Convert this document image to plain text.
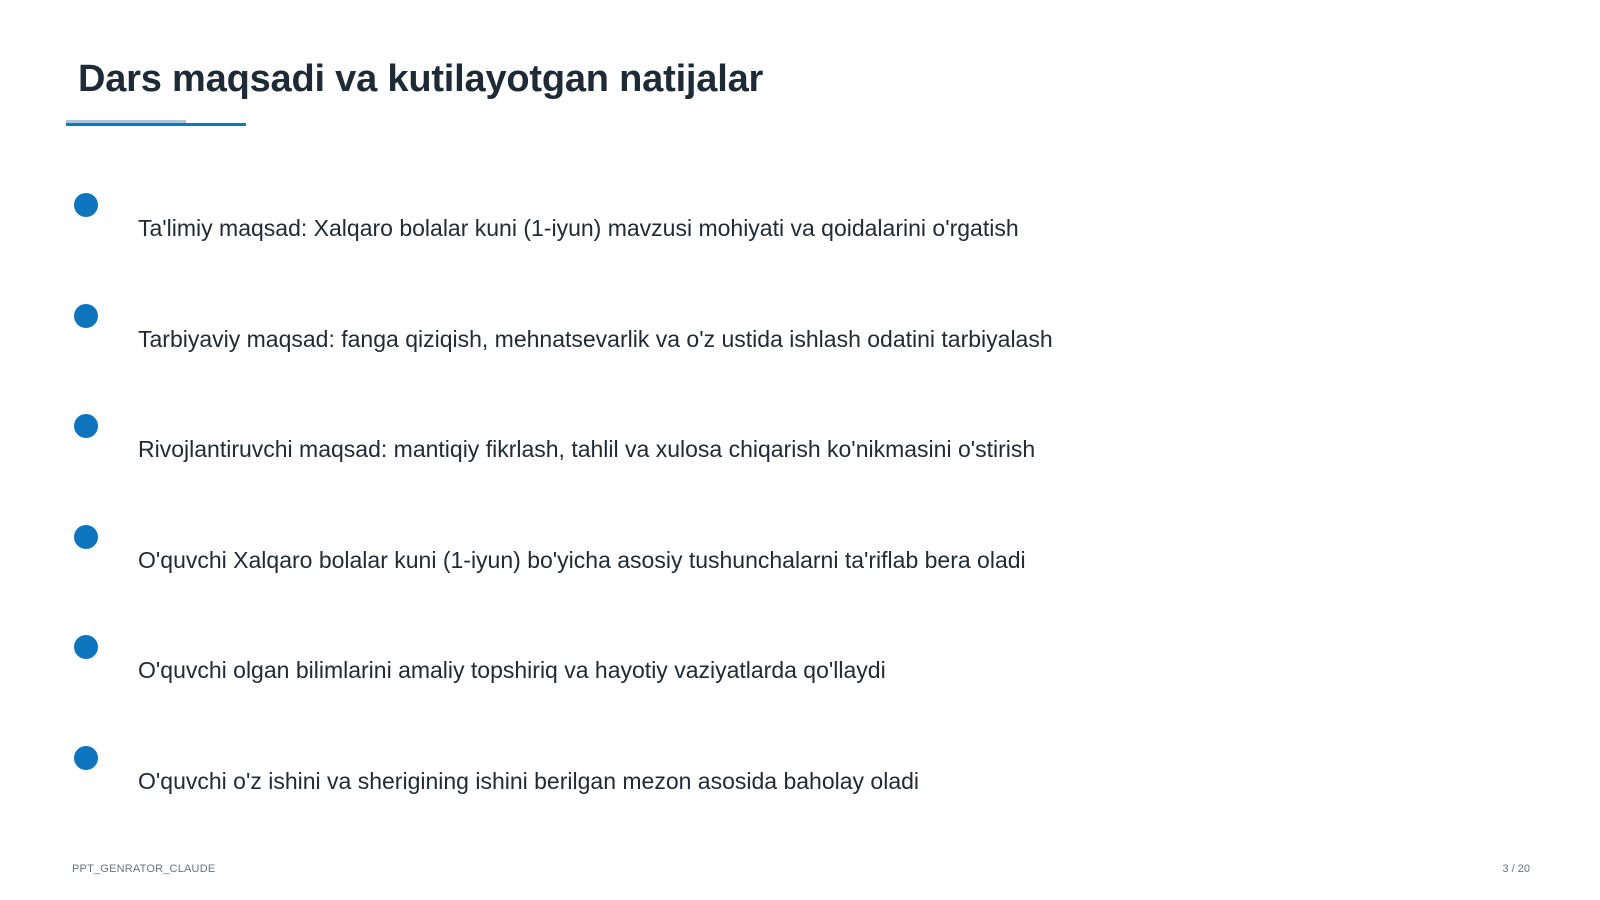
Dars maqsadi va kutilayotgan natijalar
Ta'limiy maqsad: Xalqaro bolalar kuni (1-iyun) mavzusi mohiyati va qoidalarini o'rgatish
Tarbiyaviy maqsad: fanga qiziqish, mehnatsevarlik va o'z ustida ishlash odatini tarbiyalash
Rivojlantiruvchi maqsad: mantiqiy fikrlash, tahlil va xulosa chiqarish ko'nikmasini o'stirish
O'quvchi Xalqaro bolalar kuni (1-iyun) bo'yicha asosiy tushunchalarni ta'riflab bera oladi
O'quvchi olgan bilimlarini amaliy topshiriq va hayotiy vaziyatlarda qo'llaydi
O'quvchi o'z ishini va sherigining ishini berilgan mezon asosida baholay oladi
PPT_GENRATOR_CLAUDE	3 / 20
